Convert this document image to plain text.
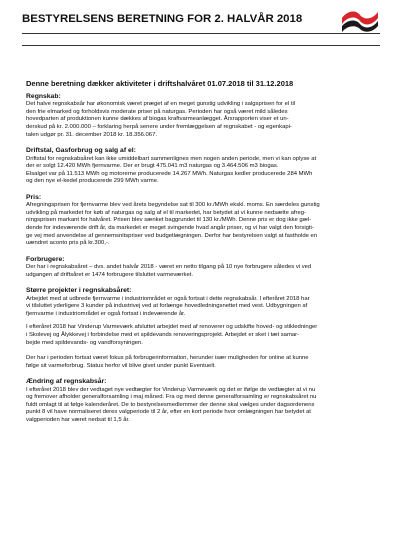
BESTYRELSENS BERETNING FOR 2. HALVÅR 2018
Denne beretning dækker aktiviteter i driftshalvåret 01.07.2018 til 31.12.2018
Regnskab:

Det halve regnskabsår har økonomisk været præget af en meget gunstig udvikling i salgsprisen for el til
den frie elmarked og forholdsvis moderate priser på naturgas. Perioden har også været mild således
hovedparten af produktionen kunne dækkes af biogas kraftvarmeanlægget. Årsrapporten viser et un-
derskud på kr. 2.000.000 – forklaring herpå senere under fremlæggelsen af regnskabet - og egenkapi-
talen udgør pr. 31. december 2018 kr. 18.356.067.

Driftstal, Gasforbrug og salg af el:

Driftstal for regnskabsåret kan ikke umiddelbart sammenlignes men nogen anden periode, men vi kan oplyse at
der er solgt 12.420 MWh fjernvarme. Der er brugt 475.041 m3 naturgas og 3.464.506 m3 biogas.
Elsalget var på 11.513 MWh og motorerne producerede 14.267 MWh. Naturgas kedler producerede 284 MWh
og den nye el-kedel producerede 299 MWh varme.

Pris:

Afregningsprisen for fjernvarme blev ved årets begyndelse sat til 300 kr./MWh ekskl. moms. En særdeles gunstig
udvikling på markedet for køb af naturgas og salg af el til markedet, har betydet at vi kunne nedsætte afreg-
ningsprisen markant for halvåret. Prisen blev sænket baggrundet til 130 kr./MWh. Denne pris er dog ikke gæl-
dende for indeværende drift år, da markedet er meget svingende hvad angår priser, og vi har valgt den forsigti-
ge vej med anvendelse af gennemsnitspriser ved budgetlægningen. Derfor har bestyrelsen valgt at fastholde en
uændret aconto pris på kr.300,-.

Forbrugere:

Der har i regnskabsåret – dvs. andet halvår 2018 - været en netto tilgang på 10 nye forbrugere således vi ved
udgangen af driftsåret er 1474 forbrugere tilsluttet varmeværket.

Større projekter i regnskabsåret:

Arbejdet med at udbrede fjernvarme i industriområdet er også fortsat i dette regnskabsår. I efteråret 2018 har
vi tilsluttet yderligere 3 kunder på industrivej ved at forlænge hovedledningsnettet med vest. Udbygningen af
fjernvarme i industriområdet er også fortsat i indeværende år.

I efteråret 2018 har Vinderup Varmeværk afsluttet arbejdet med af renoverer og udskifte hoved- og stikledninger
i Skolevej og Ålykkevej i forbindelse med et spildevands renoveringsprojekt. Arbejdet er sket i tæt samar-
bejde med spildevands- og vandforsyningen.

Der har i perioden fortsat været fokus på forbrugerinformation, herunder især muligheden for online at kunne
følge sit varmeforbrug. Status herfor vil blive givet under punkt Eventuelt.

Ændring af regnskabsår:

I efteråret 2018 blev der vedtaget nye vedtægter for Vinderup Varmeværk og det er ifølge de vedtægter at vi nu
og fremover afholder generalforsamling i maj måned. Fra og med denne generalforsamling er regnskabsåret nu
fuldt omlagt til at følge kalenderåret. De to bestyrelsesmedlemmer der denne skal vælges under dagsordenens
punkt 8 vil have normaliseret deres valgperiode til 2 år, efter en kort periode hvor omlægningen har betydet at
valgperioden har været nedsat til 1,5 år.
